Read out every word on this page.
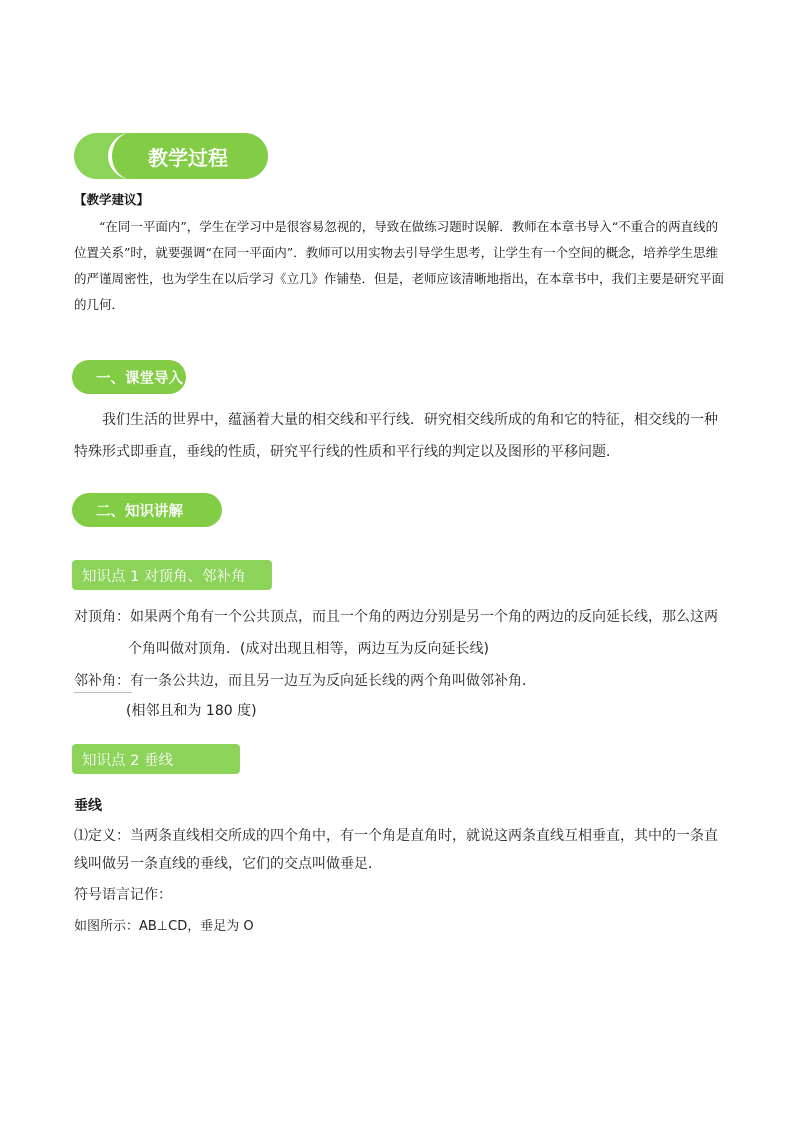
教学过程
【教学建议】

“在同一平面内”，学生在学习中是很容易忽视的，导致在做练习题时误解．教师在本章书导入“不重合的两直线的位置关系”时，就要强调“在同一平面内”．教师可以用实物去引导学生思考，让学生有一个空间的概念，培养学生思维的严谨周密性，也为学生在以后学习《立几》作铺垫．但是，老师应该清晰地指出，在本章书中，我们主要是研究平面的几何．

一、课堂导入

我们生活的世界中，蕴涵着大量的相交线和平行线．研究相交线所成的角和它的特征，相交线的一种特殊形式即垂直，垂线的性质，研究平行线的性质和平行线的判定以及图形的平移问题．

二、知识讲解
知识点 1 对顶角、邻补角
对顶角：如果两个角有一个公共顶点，而且一个角的两边分别是另一个角的两边的反向延长线，那么这两
个角叫做对顶角．(成对出现且相等，两边互为反向延长线)
邻补角：有一条公共边，而且另一边互为反向延长线的两个角叫做邻补角．
(相邻且和为 180 度)
知识点 2 垂线
垂线

⑴定义：当两条直线相交所成的四个角中，有一个角是直角时，就说这两条直线互相垂直，其中的一条直线叫做另一条直线的垂线，它们的交点叫做垂足．

符号语言记作：
如图所示：AB⊥CD，垂足为 O
